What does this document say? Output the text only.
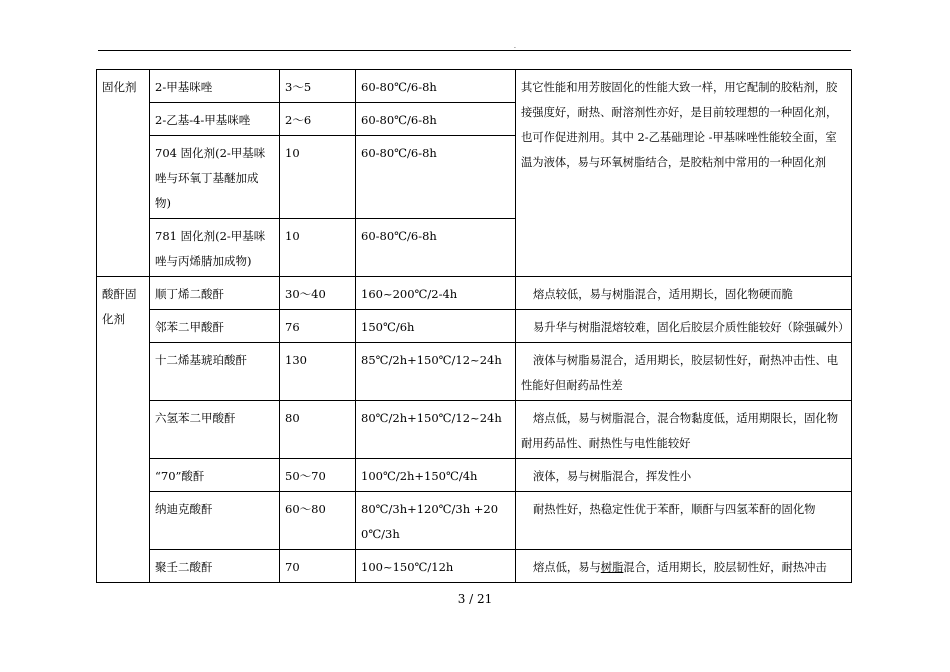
.
固化剂	2-甲基咪唑	3～5	60-80℃/6-8h	其它性能和用芳胺固化的性能大致一样，用它配制的胶粘剂，胶接强度好，耐热、耐溶剂性亦好，是目前较理想的一种固化剂，也可作促进剂用。其中 2-乙基础理论 -甲基咪唑性能较全面，室温为液体，易与环氧树脂结合，是胶粘剂中常用的一种固化剂
	2-乙基-4-甲基咪唑	2～6	60-80℃/6-8h	
	704 固化剂(2-甲基咪唑与环氧丁基醚加成物)	10	60-80℃/6-8h	
	781 固化剂(2-甲基咪唑与丙烯腈加成物)	10	60-80℃/6-8h	
酸酐固化剂	顺丁烯二酸酐	30～40	160~200℃/2-4h	熔点较低，易与树脂混合，适用期长，固化物硬而脆
	邻苯二甲酸酐	76	150℃/6h	易升华与树脂混熔较难，固化后胶层介质性能较好（除强碱外）
	十二烯基琥珀酸酐	130	85℃/2h+150℃/12~24h	液体与树脂易混合，适用期长，胶层韧性好，耐热冲击性、电性能好但耐药品性差
	六氢苯二甲酸酐	80	80℃/2h+150℃/12~24h	熔点低，易与树脂混合，混合物黏度低，适用期限长，固化物耐用药品性、耐热性与电性能较好
	“70”酸酐	50～70	100℃/2h+150℃/4h	液体，易与树脂混合，挥发性小
	纳迪克酸酐	60～80	80℃/3h+120℃/3h +200℃/3h	耐热性好，热稳定性优于苯酐，顺酐与四氢苯酐的固化物
	聚壬二酸酐	70	100~150℃/12h	熔点低，易与树脂混合，适用期长，胶层韧性好，耐热冲击
3 / 21
